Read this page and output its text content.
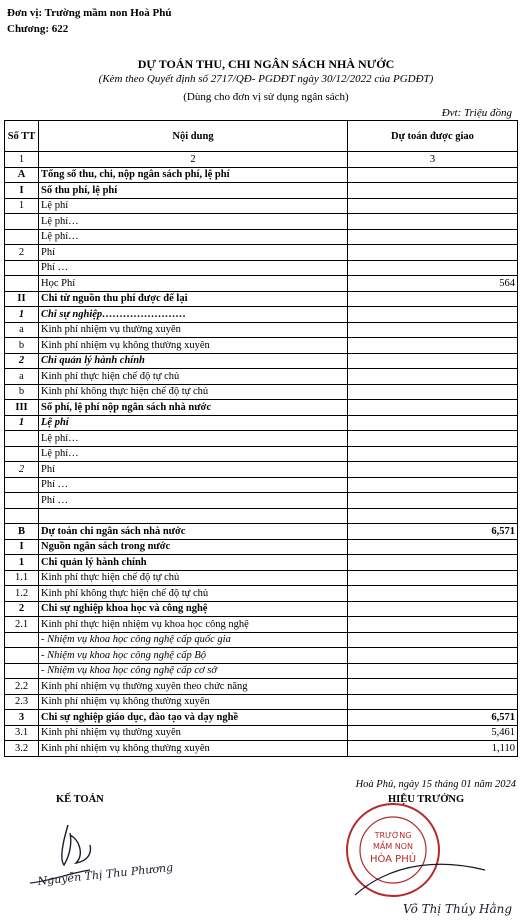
Đơn vị: Trường mầm non Hoà Phú
Chương: 622
DỰ TOÁN THU, CHI NGÂN SÁCH NHÀ NƯỚC
(Kèm theo Quyết định số 2717/QĐ- PGDĐT ngày 30/12/2022 của PGDĐT)
(Dùng cho đơn vị sử dụng ngân sách)
Đvt: Triệu đồng
Số TT	Nội dung	Dự toán được giao
1	2	3
A	Tổng số thu, chi, nộp ngân sách phí, lệ phí	
I	Số thu phí, lệ phí	
1	Lệ phí	
	Lệ phí…	
	Lệ phí…	
2	Phí	
	Phí …	
	Học Phí	564
II	Chi từ nguồn thu phí được để lại	
1	Chi sự nghiệp……………………	
a	Kinh phí nhiệm vụ thường xuyên	
b	Kinh phí nhiệm vụ không thường xuyên	
2	Chi quản lý hành chính	
a	Kinh phí thực hiện chế độ tự chủ	
b	Kinh phí không thực hiện chế độ tự chủ	
III	Số phí, lệ phí nộp ngân sách nhà nước	
1	Lệ phí	
	Lệ phí…	
	Lệ phí…	
2	Phí	
	Phí …	
	Phí …	

B	Dự toán chi ngân sách nhà nước	6,571
I	Nguồn ngân sách trong nước	
1	Chi quản lý hành chính	
1.1	Kinh phí thực hiện chế độ tự chủ	
1.2	Kinh phí không thực hiện chế độ tự chủ	
2	Chi sự nghiệp khoa học và công nghệ	
2.1	Kinh phí thực hiện nhiệm vụ khoa học công nghệ	
	- Nhiệm vụ khoa học công nghệ cấp quốc gia	
	- Nhiệm vụ khoa học công nghệ cấp Bộ	
	- Nhiệm vụ khoa học công nghệ cấp cơ sở	
2.2	Kinh phí nhiệm vụ thường xuyên theo chức năng	
2.3	Kinh phí nhiệm vụ không thường xuyên	
3	Chi sự nghiệp giáo dục, đào tạo và dạy nghề	6,571
3.1	Kinh phí nhiệm vụ thường xuyên	5,461
3.2	Kinh phí nhiệm vụ không thường xuyên	1,110
Hoà Phú, ngày 15 tháng 01 năm 2024
KẾ TOÁN	HIỆU TRƯỞNG
Nguyễn Thị Thu Phương
TRƯỜNG
MẦM NON
HÒA PHÚ
Võ Thị Thúy Hằng
